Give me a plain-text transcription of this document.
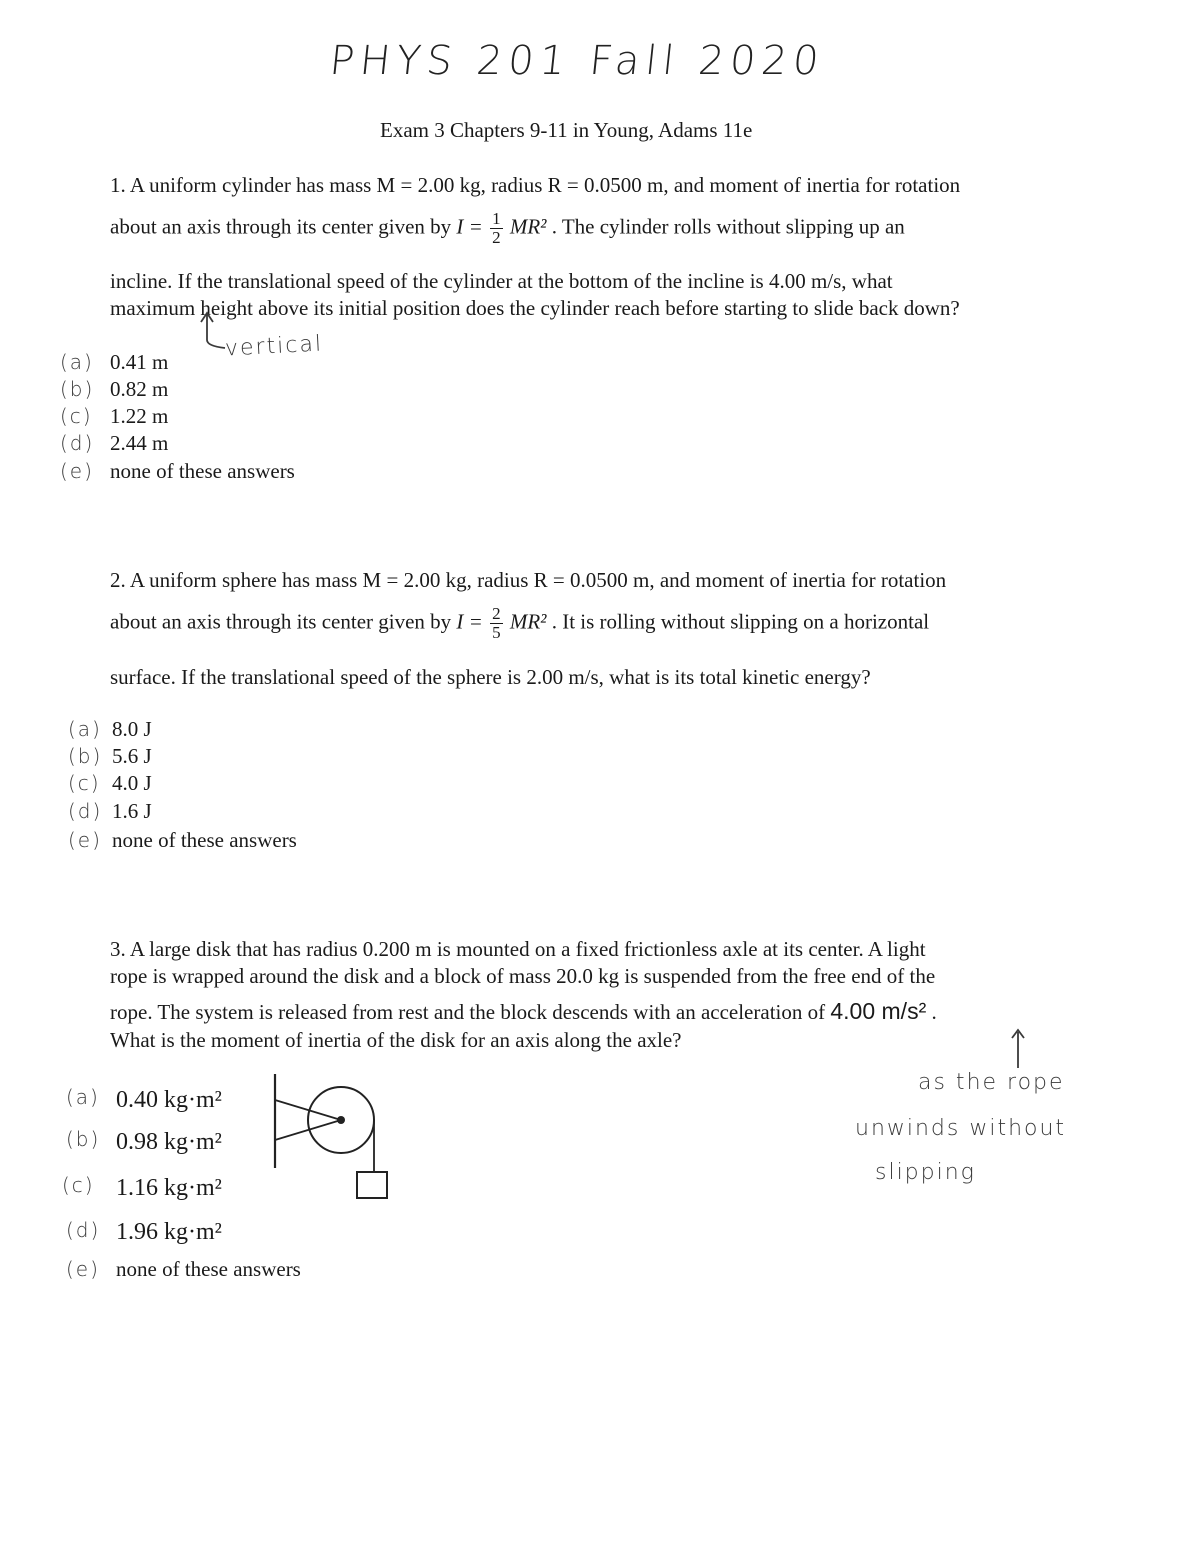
PHYS 201 Fall 2020
Exam 3 Chapters 9-11 in Young, Adams 11e
1. A uniform cylinder has mass M = 2.00 kg, radius R = 0.0500 m, and moment of inertia for rotation
about an axis through its center given by $I = \frac{1}{2} MR^2$ . The cylinder rolls without slipping up an
incline. If the translational speed of the cylinder at the bottom of the incline is 4.00 m/s, what
maximum height above its initial position does the cylinder reach before starting to slide back down?
vertical
(a) 0.41 m
(b) 0.82 m
(c) 1.22 m
(d) 2.44 m
(e) none of these answers
2. A uniform sphere has mass M = 2.00 kg, radius R = 0.0500 m, and moment of inertia for rotation
about an axis through its center given by $I = \frac{2}{5} MR^2$ . It is rolling without slipping on a horizontal
surface. If the translational speed of the sphere is 2.00 m/s, what is its total kinetic energy?
(a) 8.0 J
(b) 5.6 J
(c) 4.0 J
(d) 1.6 J
(e) none of these answers
3. A large disk that has radius 0.200 m is mounted on a fixed frictionless axle at its center. A light
rope is wrapped around the disk and a block of mass 20.0 kg is suspended from the free end of the
rope. The system is released from rest and the block descends with an acceleration of 4.00 m/s² .
What is the moment of inertia of the disk for an axis along the axle?
as the rope
unwinds without
slipping
(a) 0.40 kg·m²
(b) 0.98 kg·m²
(c) 1.16 kg·m²
(d) 1.96 kg·m²
(e) none of these answers
